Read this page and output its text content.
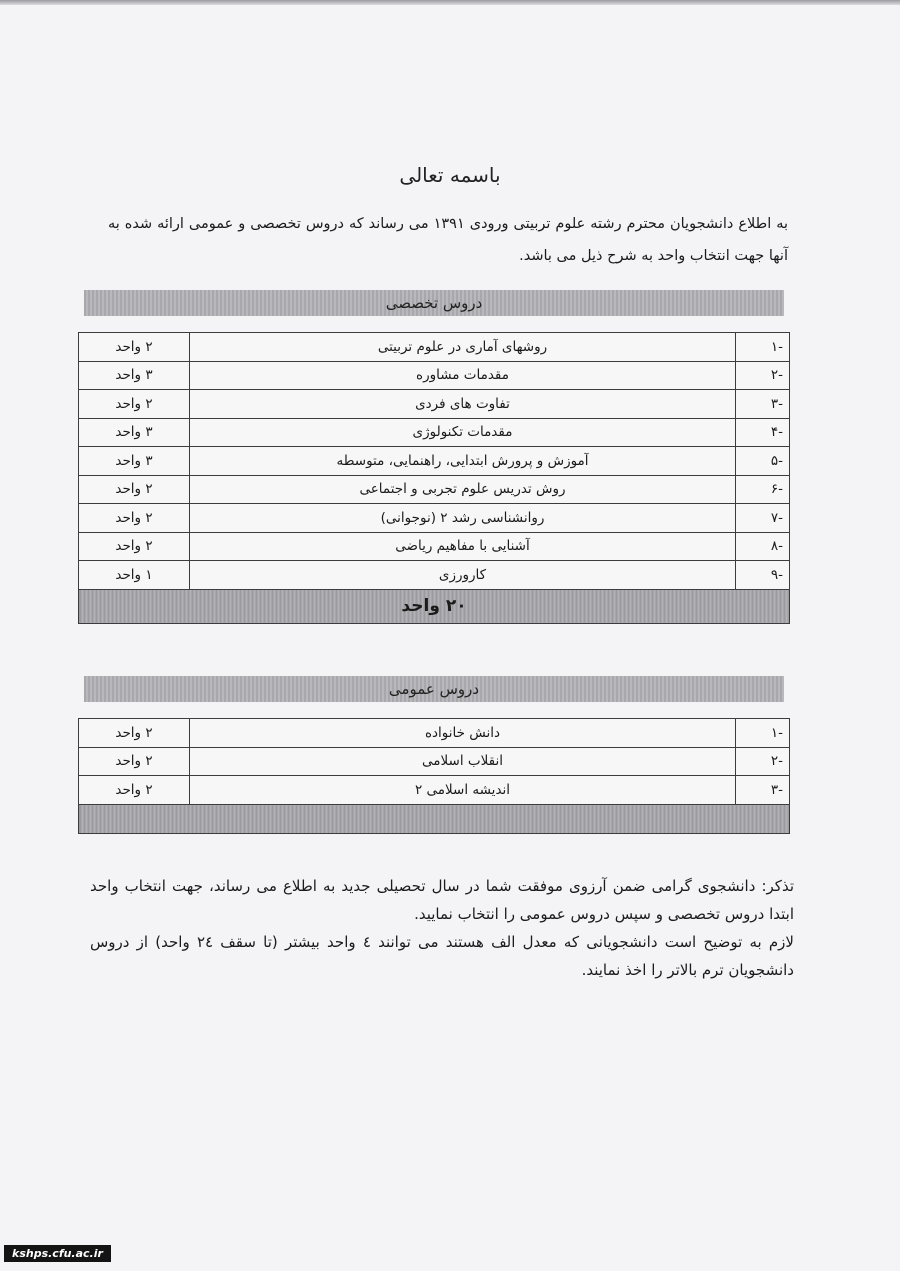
باسمه تعالی
به اطلاع دانشجویان محترم رشته علوم تربیتی ورودی ۱۳۹۱ می رساند که دروس تخصصی و عمومی ارائه شده به آنها جهت انتخاب واحد به شرح ذیل می باشد.
دروس تخصصی
-۱	روشهای آماری در علوم تربیتی	۲ واحد
-۲	مقدمات مشاوره	۳ واحد
-۳	تفاوت های فردی	۲ واحد
-۴	مقدمات تکنولوژی	۳ واحد
-۵	آموزش و پرورش ابتدایی، راهنمایی، متوسطه	۳ واحد
-۶	روش تدریس علوم تجربی و اجتماعی	۲ واحد
-۷	روانشناسی رشد ۲ (نوجوانی)	۲ واحد
-۸	آشنایی با مفاهیم ریاضی	۲ واحد
-۹	کارورزی	۱ واحد
۲۰ واحد		
دروس عمومی
-۱	دانش خانواده	۲ واحد
-۲	انقلاب اسلامی	۲ واحد
-۳	اندیشه اسلامی ۲	۲ واحد

تذکر: دانشجوی گرامی ضمن آرزوی موفقت شما در سال تحصیلی جدید به اطلاع می رساند، جهت انتخاب واحد ابتدا دروس تخصصی و سپس دروس عمومی را انتخاب نمایید.

لازم به توضیح است دانشجویانی که معدل الف هستند می توانند ٤ واحد بیشتر (تا سقف ٢٤ واحد) از دروس دانشجویان ترم بالاتر را اخذ نمایند.

kshps.cfu.ac.ir
